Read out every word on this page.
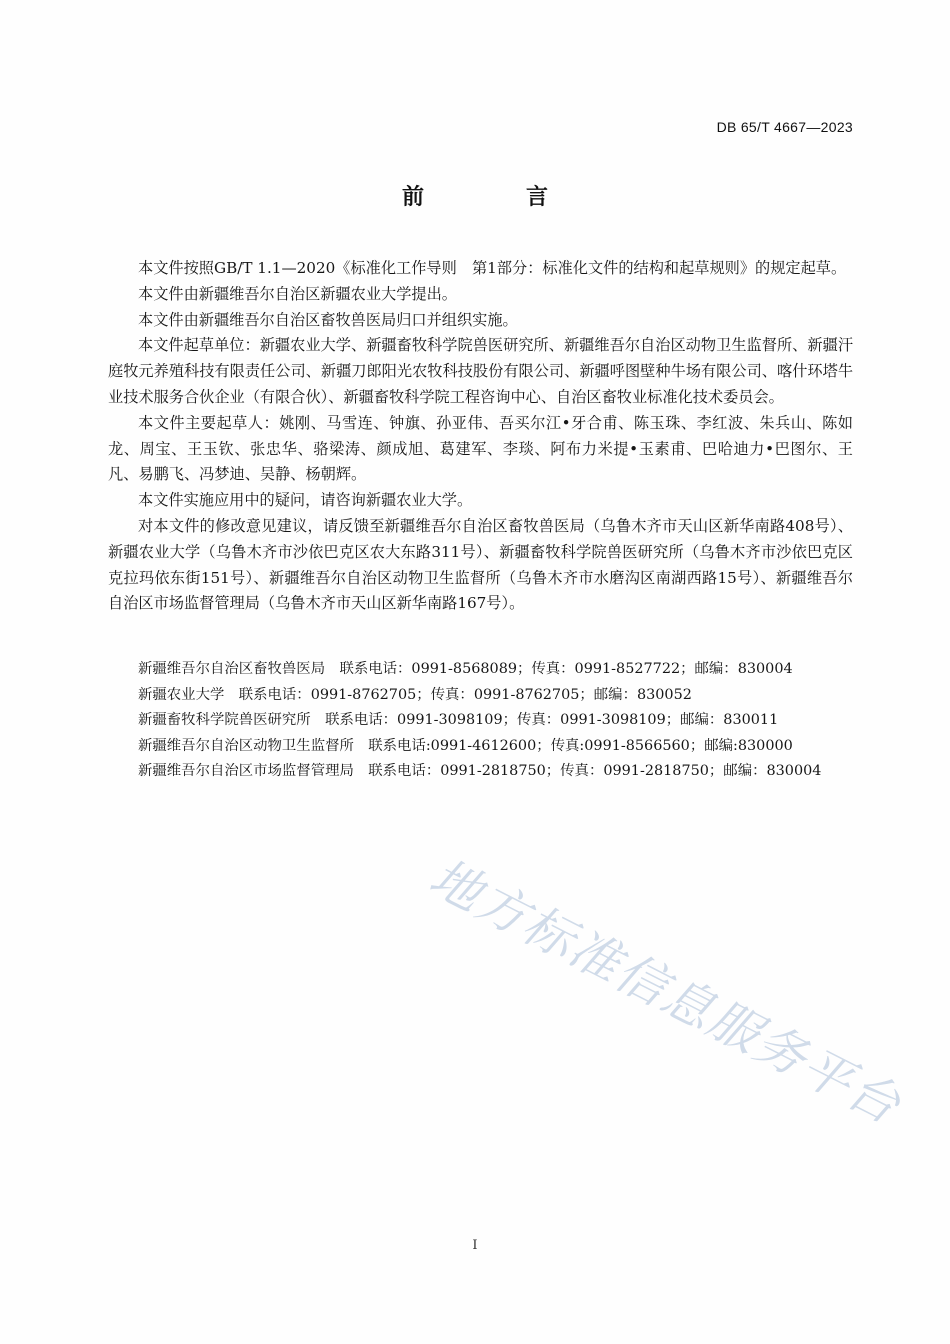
DB 65/T 4667—2023
前　言

本文件按照GB/T 1.1—2020《标准化工作导则　第1部分：标准化文件的结构和起草规则》的规定起草。

本文件由新疆维吾尔自治区新疆农业大学提出。

本文件由新疆维吾尔自治区畜牧兽医局归口并组织实施。

本文件起草单位：新疆农业大学、新疆畜牧科学院兽医研究所、新疆维吾尔自治区动物卫生监督所、新疆汗庭牧元养殖科技有限责任公司、新疆刀郎阳光农牧科技股份有限公司、新疆呼图壁种牛场有限公司、喀什环塔牛业技术服务合伙企业（有限合伙）、新疆畜牧科学院工程咨询中心、自治区畜牧业标准化技术委员会。

本文件主要起草人：姚刚、马雪连、钟旗、孙亚伟、吾买尔江•牙合甫、陈玉珠、李红波、朱兵山、陈如龙、周宝、王玉钦、张忠华、骆梁涛、颜成旭、葛建军、李琰、阿布力米提•玉素甫、巴哈迪力•巴图尔、王凡、易鹏飞、冯梦迪、吴静、杨朝辉。

本文件实施应用中的疑问，请咨询新疆农业大学。

对本文件的修改意见建议，请反馈至新疆维吾尔自治区畜牧兽医局（乌鲁木齐市天山区新华南路408号）、新疆农业大学（乌鲁木齐市沙依巴克区农大东路311号）、新疆畜牧科学院兽医研究所（乌鲁木齐市沙依巴克区克拉玛依东街151号）、新疆维吾尔自治区动物卫生监督所（乌鲁木齐市水磨沟区南湖西路15号）、新疆维吾尔自治区市场监督管理局（乌鲁木齐市天山区新华南路167号）。

新疆维吾尔自治区畜牧兽医局　联系电话：0991-8568089；传真：0991-8527722；邮编：830004
新疆农业大学　联系电话：0991-8762705；传真：0991-8762705；邮编：830052
新疆畜牧科学院兽医研究所　联系电话：0991-3098109；传真：0991-3098109；邮编：830011
新疆维吾尔自治区动物卫生监督所　联系电话:0991-4612600；传真:0991-8566560；邮编:830000
新疆维吾尔自治区市场监督管理局　联系电话：0991-2818750；传真：0991-2818750；邮编：830004
地方标准信息服务平台
I
